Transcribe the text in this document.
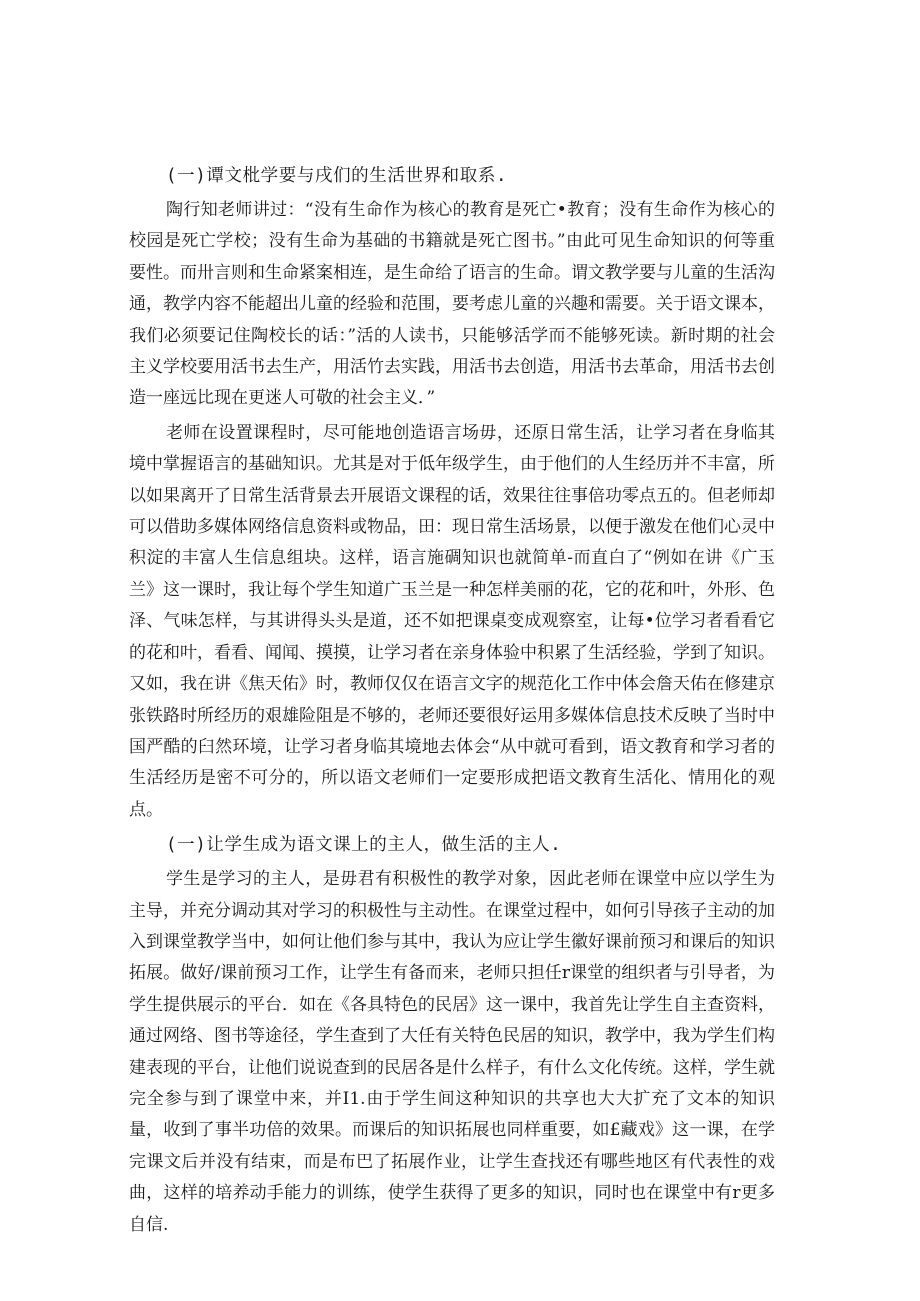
(一)谭文枇学要与戌们的生活世界和取系.

陶行知老师讲过：“没有生命作为核心的教育是死亡•教育；没有生命作为核心的校园是死亡学校；没有生命为基础的书籍就是死亡图书。”由此可见生命知识的何等重要性。而卅言则和生命紧案相连，是生命给了语言的生命。谓文教学要与儿童的生活沟通，教学内容不能超出儿童的经验和范围，要考虑儿童的兴趣和需要。关于语文课本，我们必须要记住陶校长的话：”活的人读书，只能够活学而不能够死读。新时期的社会主义学校要用活书去生产，用活竹去实践，用活书去创造，用活书去革命，用活书去创造一座远比现在更迷人可敬的社会主义．”

老师在设置课程时，尽可能地创造语言场毋，还原日常生活，让学习者在身临其境中掌握语言的基础知识。尤其是对于低年级学生，由于他们的人生经历并不丰富，所以如果离开了日常生活背景去开展语文课程的话，效果往往事倍功零点五的。但老师却可以借助多媒体网络信息资料或物品，田：现日常生活场景，以便于激发在他们心灵中积淀的丰富人生信息组块。这样，语言施碉知识也就简单-而直白了“例如在讲《广玉兰》这一课时，我让每个学生知道广玉兰是一种怎样美丽的花，它的花和叶，外形、色泽、气味怎样，与其讲得头头是道，还不如把课桌变成观察室，让每•位学习者看看它的花和叶，看看、闻闻、摸摸，让学习者在亲身体验中积累了生活经验，学到了知识。又如，我在讲《焦天佑》时，教师仅仅在语言文字的规范化工作中体会詹天佑在修建京张铁路时所经历的艰雄险阻是不够的，老师还要很好运用多媒体信息技术反映了当时中国严酷的臼然环境，让学习者身临其境地去体会“从中就可看到，语文教育和学习者的生活经历是密不可分的，所以语文老师们一定要形成把语文教育生活化、情用化的观点。

(一)让学生成为语文课上的主人，做生活的主人.

学生是学习的主人，是毋君有积极性的教学对象，因此老师在课堂中应以学生为主导，并充分调动其对学习的积极性与主动性。在课堂过程中，如何引导孩子主动的加入到课堂教学当中，如何让他们参与其中，我认为应让学生徽好课前预习和课后的知识拓展。做好/课前预习工作，让学生有备而来，老师只担任r课堂的组织者与引导者，为学生提供展示的平台．如在《各具特色的民居》这一课中，我首先让学生自主查资料，通过网络、图书等途径，学生查到了大任有关特色民居的知识，教学中，我为学生们构建表现的平台，让他们说说查到的民居各是什么样子，有什么文化传统。这样，学生就完全参与到了课堂中来，并I1.由于学生间这种知识的共享也大大扩充了文本的知识量，收到了事半功倍的效果。而课后的知识拓展也同样重要，如£藏戏》这一课，在学完课文后并没有结束，而是布巴了拓展作业，让学生查找还有哪些地区有代表性的戏曲，这样的培养动手能力的训练，使学生获得了更多的知识，同时也在课堂中有r更多自信.
